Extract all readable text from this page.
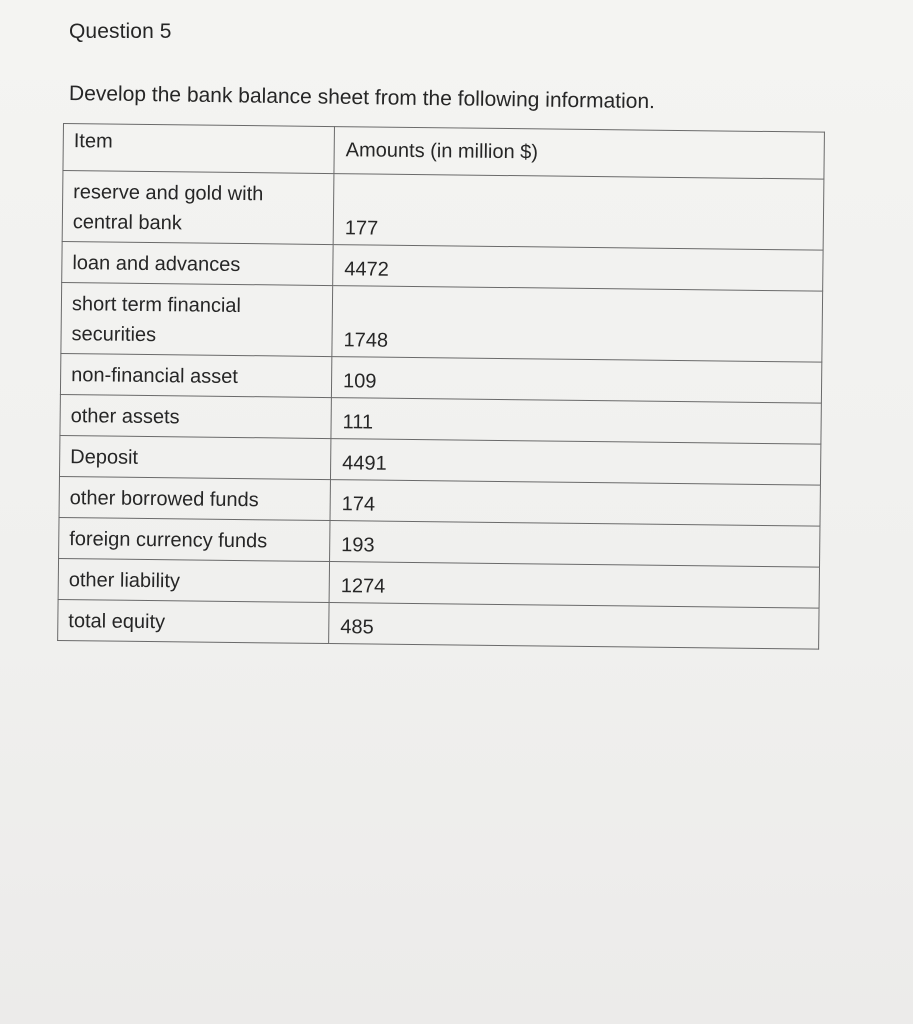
Question 5
Develop the bank balance sheet from the following information.
Item	Amounts (in million $)

reserve and gold with central bank	177

loan and advances	4472

short term financial securities	1748

non-financial asset	109

other assets	111

Deposit	4491

other borrowed funds	174

foreign currency funds	193

other liability	1274

total equity	485
